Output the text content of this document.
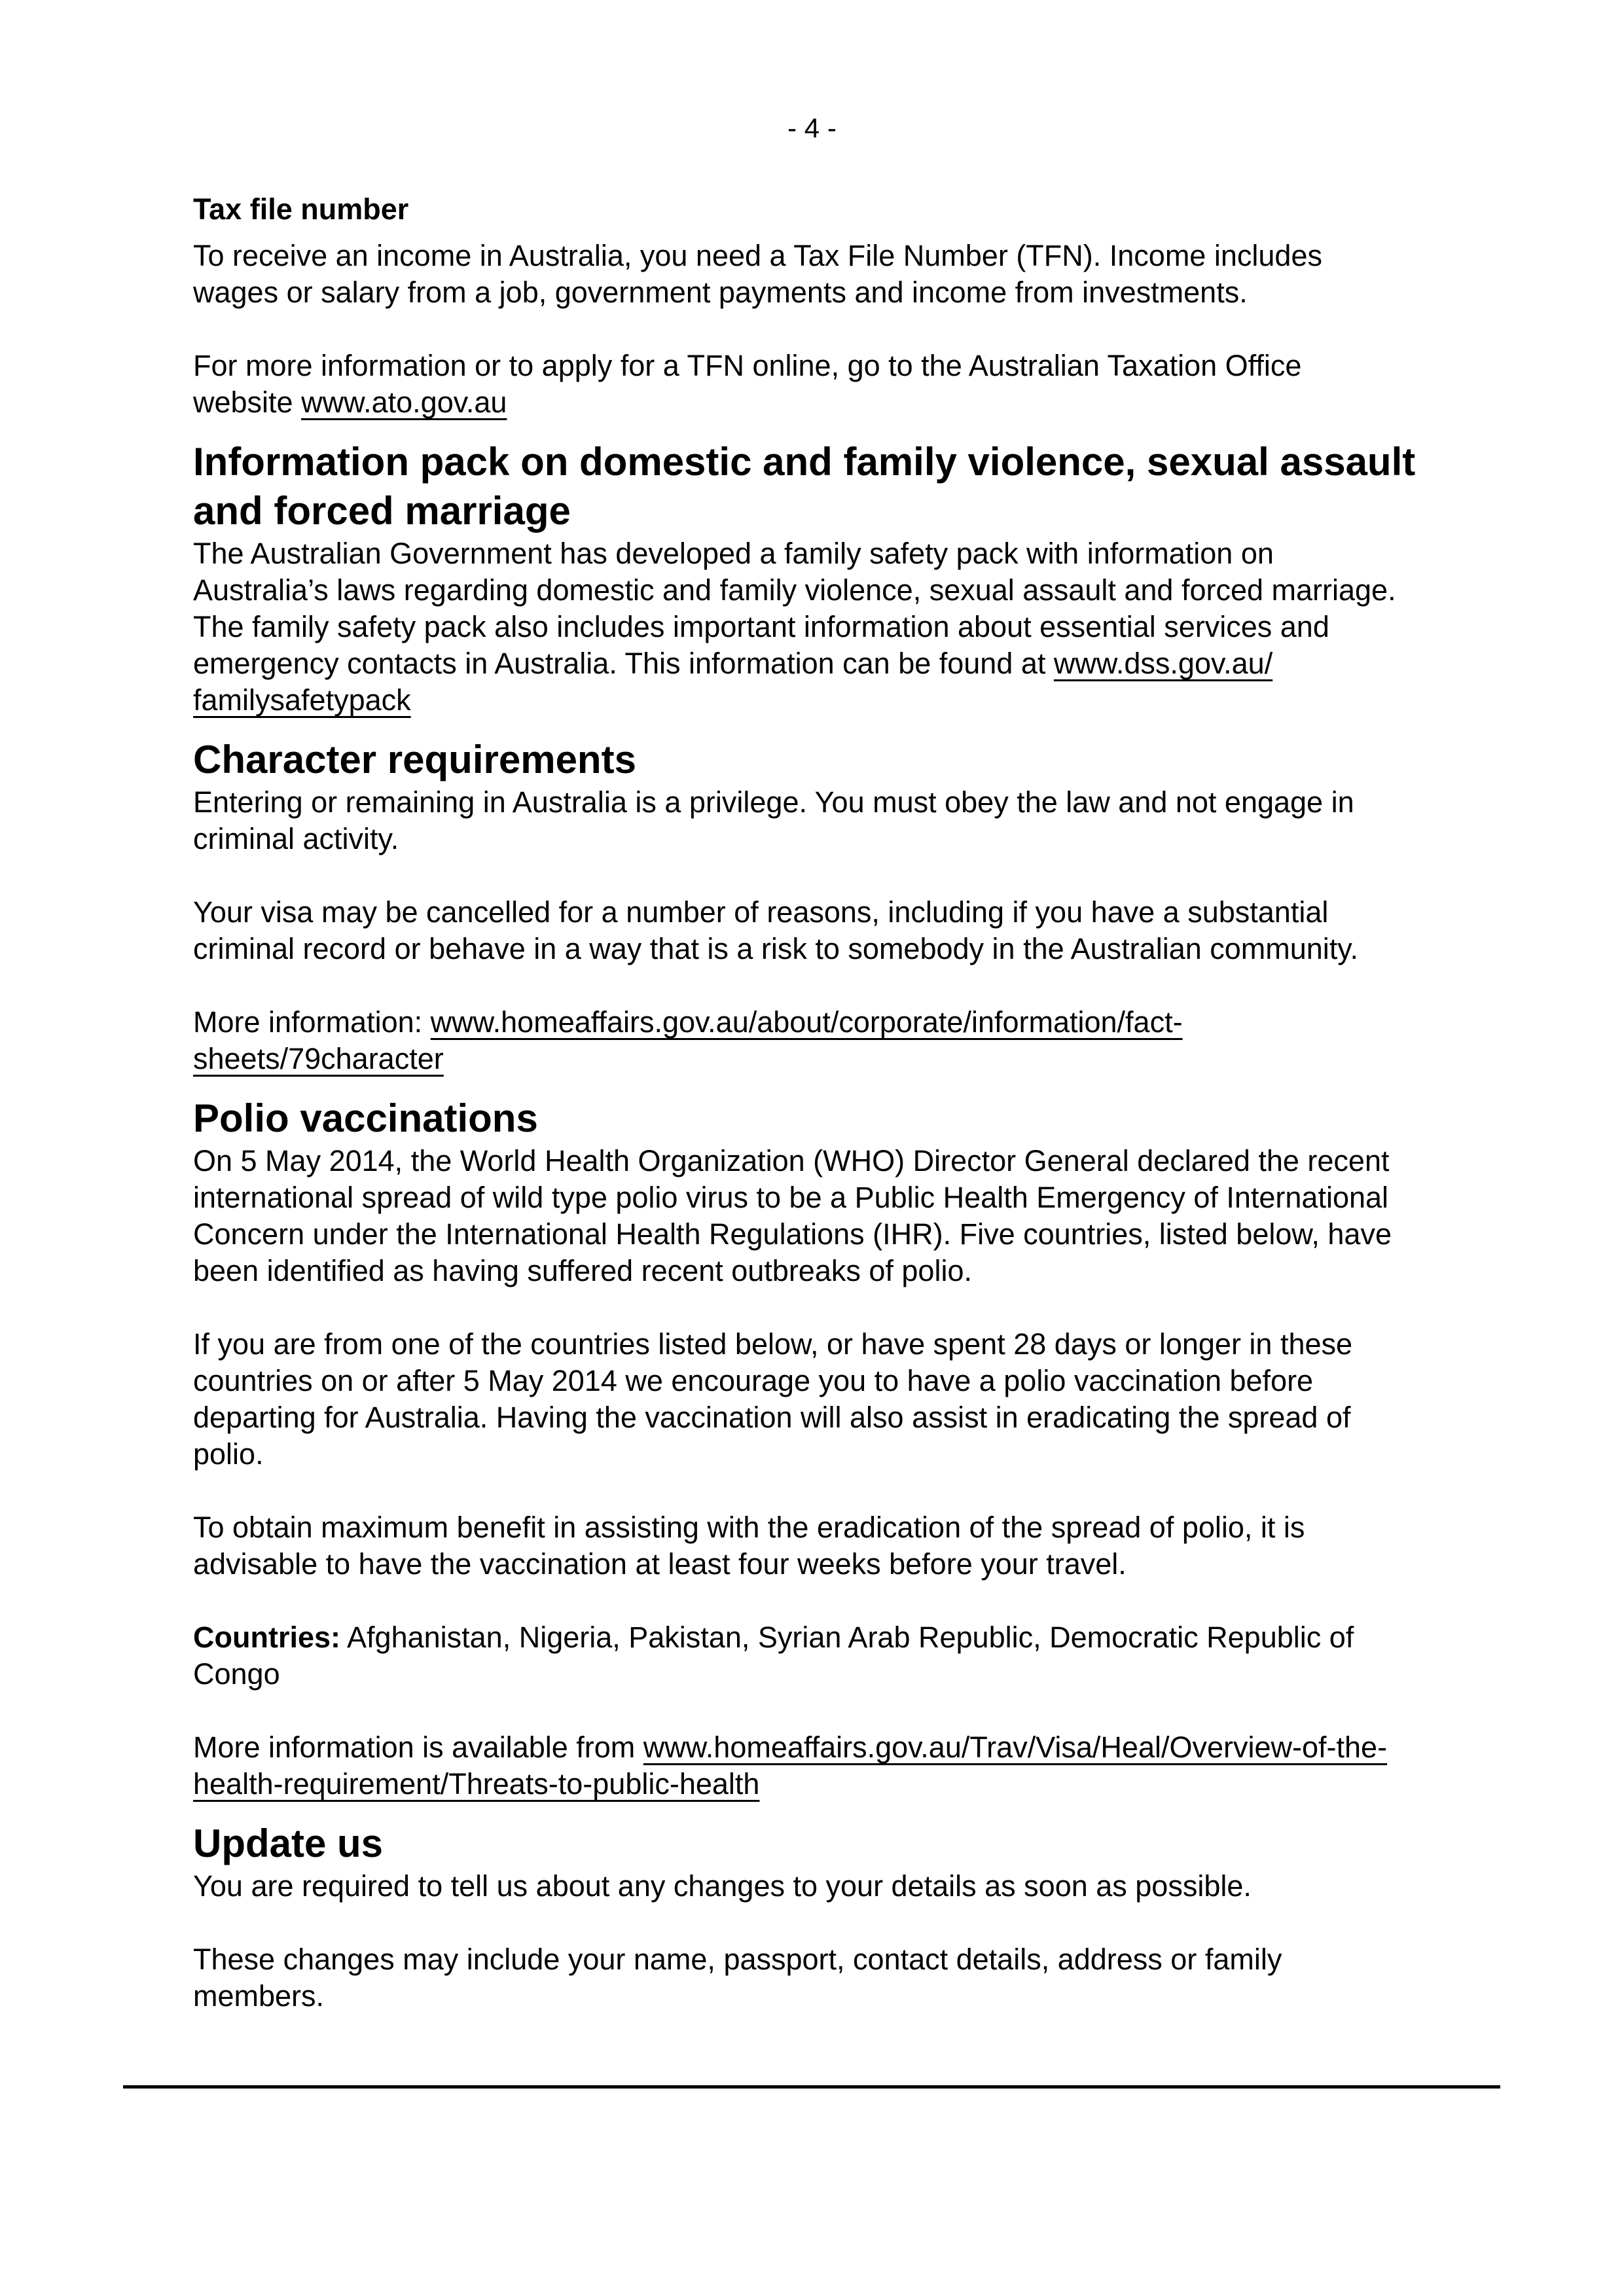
- 4 -
Tax file number
To receive an income in Australia, you need a Tax File Number (TFN). Income includes
wages or salary from a job, government payments and income from investments.
For more information or to apply for a TFN online, go to the Australian Taxation Office
website www.ato.gov.au
Information pack on domestic and family violence, sexual assault
and forced marriage
The Australian Government has developed a family safety pack with information on
Australia’s laws regarding domestic and family violence, sexual assault and forced marriage.
The family safety pack also includes important information about essential services and
emergency contacts in Australia. This information can be found at www.dss.gov.au/
familysafetypack
Character requirements
Entering or remaining in Australia is a privilege. You must obey the law and not engage in
criminal activity.
Your visa may be cancelled for a number of reasons, including if you have a substantial
criminal record or behave in a way that is a risk to somebody in the Australian community.
More information: www.homeaffairs.gov.au/about/corporate/information/fact-
sheets/79character
Polio vaccinations
On 5 May 2014, the World Health Organization (WHO) Director General declared the recent
international spread of wild type polio virus to be a Public Health Emergency of International
Concern under the International Health Regulations (IHR). Five countries, listed below, have
been identified as having suffered recent outbreaks of polio.
If you are from one of the countries listed below, or have spent 28 days or longer in these
countries on or after 5 May 2014 we encourage you to have a polio vaccination before
departing for Australia. Having the vaccination will also assist in eradicating the spread of
polio.
To obtain maximum benefit in assisting with the eradication of the spread of polio, it is
advisable to have the vaccination at least four weeks before your travel.
Countries: Afghanistan, Nigeria, Pakistan, Syrian Arab Republic, Democratic Republic of
Congo
More information is available from www.homeaffairs.gov.au/Trav/Visa/Heal/Overview-of-the-
health-requirement/Threats-to-public-health
Update us
You are required to tell us about any changes to your details as soon as possible.
These changes may include your name, passport, contact details, address or family
members.
